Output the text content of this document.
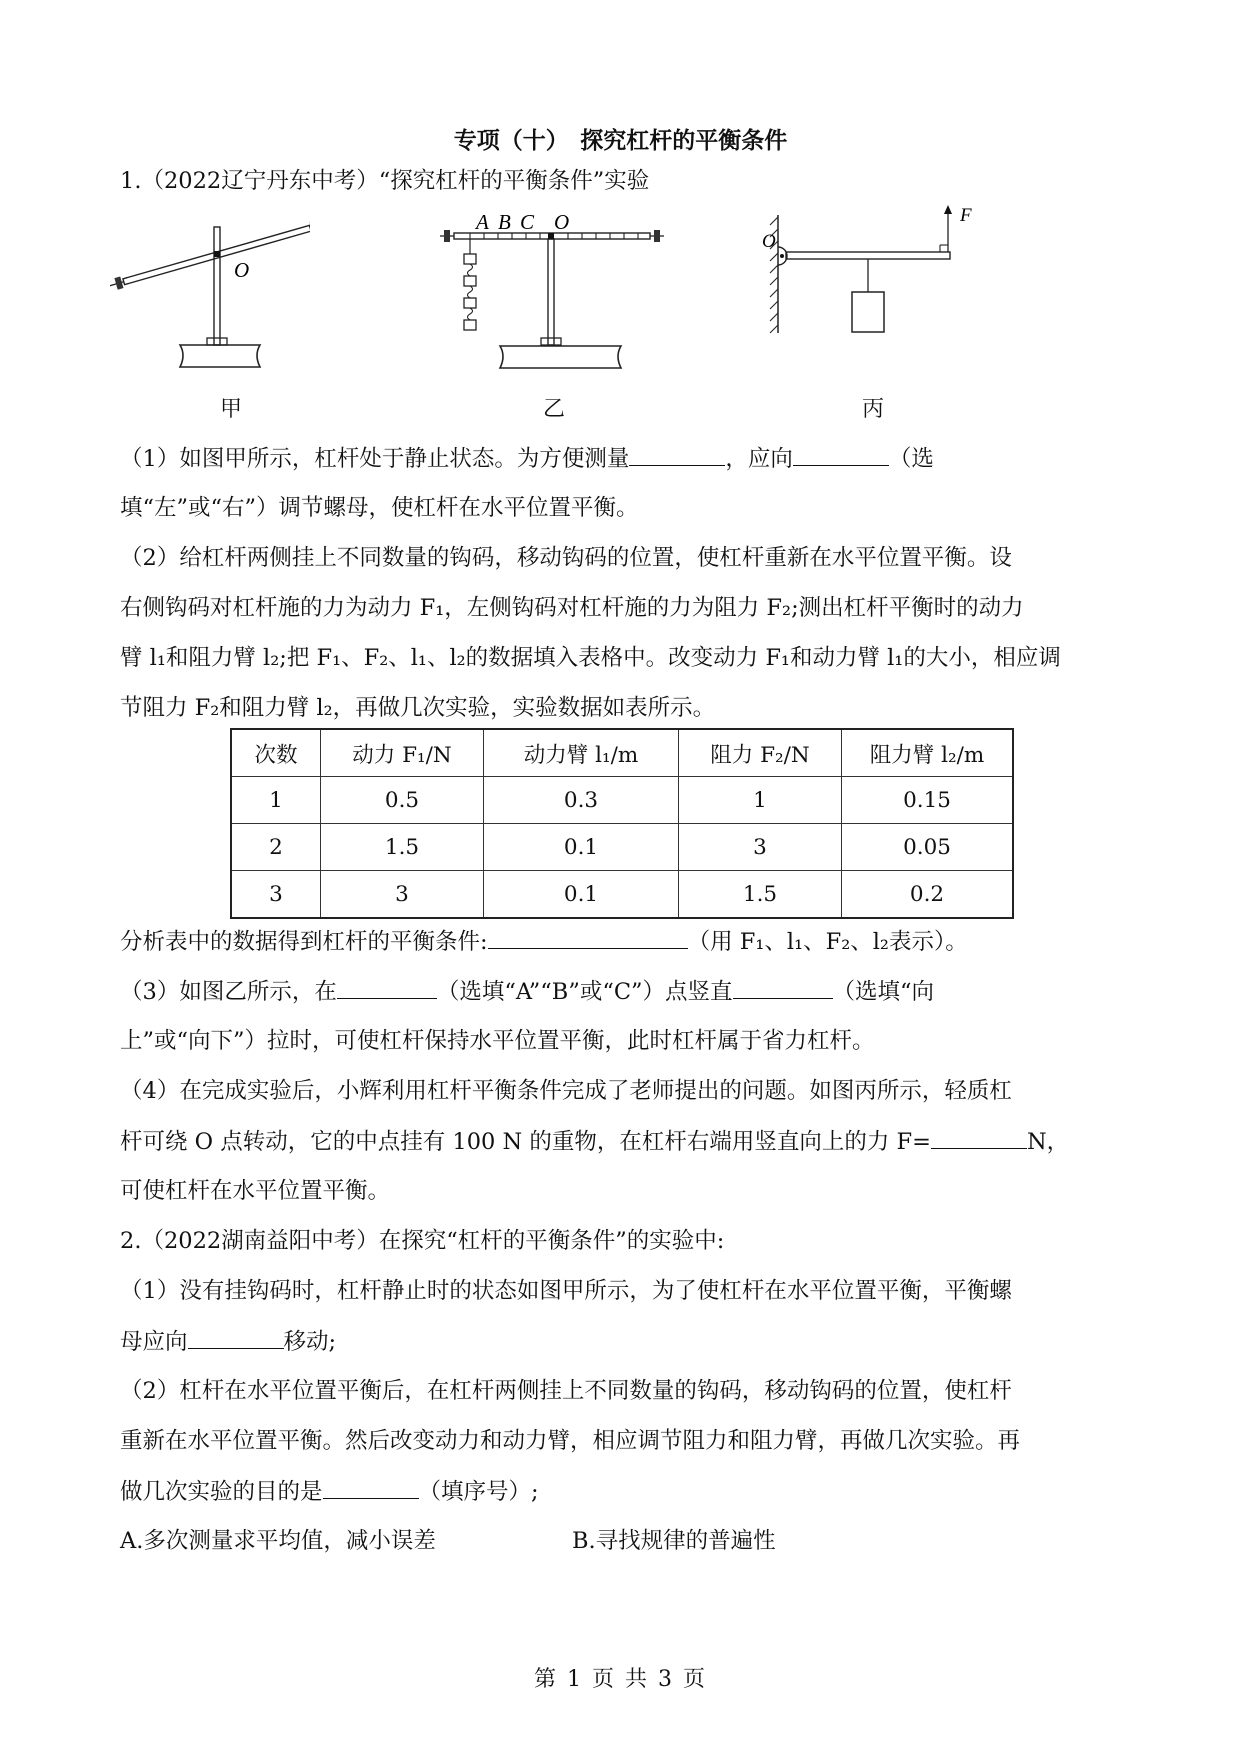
专项（十）　探究杠杆的平衡条件
1.（2022辽宁丹东中考）“探究杠杆的平衡条件”实验
O
A B C O
O
F
甲	乙	丙
（1）如图甲所示，杠杆处于静止状态。为方便测量	，应向	（选
填“左”或“右”）调节螺母，使杠杆在水平位置平衡。
（2）给杠杆两侧挂上不同数量的钩码，移动钩码的位置，使杠杆重新在水平位置平衡。设
右侧钩码对杠杆施的力为动力 F₁，左侧钩码对杠杆施的力为阻力 F₂;测出杠杆平衡时的动力
臂 l₁和阻力臂 l₂;把 F₁、F₂、l₁、l₂的数据填入表格中。改变动力 F₁和动力臂 l₁的大小，相应调
节阻力 F₂和阻力臂 l₂，再做几次实验，实验数据如表所示。
次数	动力 F₁/N	动力臂 l₁/m	阻力 F₂/N	阻力臂 l₂/m
1	0.5	0.3	1	0.15
2	1.5	0.1	3	0.05
3	3	0.1	1.5	0.2
分析表中的数据得到杠杆的平衡条件:	（用 F₁、l₁、F₂、l₂表示）。
（3）如图乙所示，在	（选填“A”“B”或“C”）点竖直	（选填“向
上”或“向下”）拉时，可使杠杆保持水平位置平衡，此时杠杆属于省力杠杆。
（4）在完成实验后，小辉利用杠杆平衡条件完成了老师提出的问题。如图丙所示，轻质杠
杆可绕 O 点转动，它的中点挂有 100 N 的重物，在杠杆右端用竖直向上的力 F=	N，
可使杠杆在水平位置平衡。
2.（2022湖南益阳中考）在探究“杠杆的平衡条件”的实验中:
（1）没有挂钩码时，杠杆静止时的状态如图甲所示，为了使杠杆在水平位置平衡，平衡螺
母应向	移动;
（2）杠杆在水平位置平衡后，在杠杆两侧挂上不同数量的钩码，移动钩码的位置，使杠杆
重新在水平位置平衡。然后改变动力和动力臂，相应调节阻力和阻力臂，再做几次实验。再
做几次实验的目的是	（填序号）;
A.多次测量求平均值，减小误差	B.寻找规律的普遍性
第 1 页 共 3 页
